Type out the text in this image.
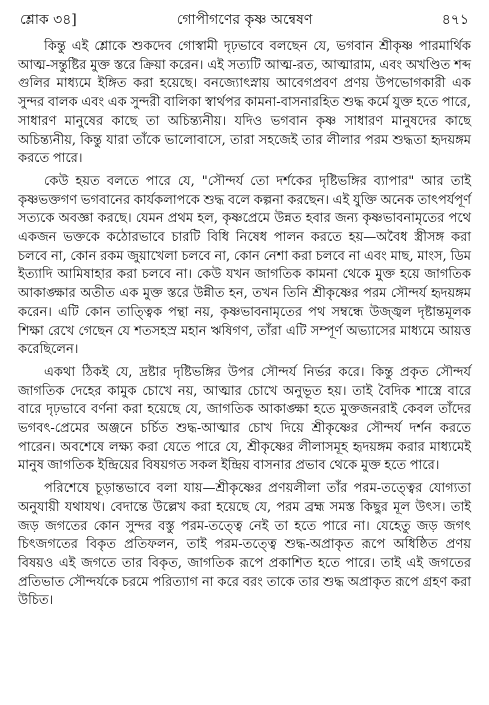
শ্লোক ৩৪]	গোপীগণের কৃষ্ণ অন্বেষণ	৪৭১

কিন্তু এই শ্লোকে শুকদেব গোস্বামী দৃঢ়ভাবে বলছেন যে, ভগবান শ্রীকৃষ্ণ পারমার্থিক আত্ম-সন্তুষ্টির মুক্ত স্তরে ক্রিয়া করেন। এই সত্যটি আত্ম-রত, আত্মারাম, এবং অখণ্ডিত শব্দ গুলির মাধ্যমে ইঙ্গিত করা হয়েছে। বনজ্যোৎস্নায় আবেগপ্রবণ প্রণয় উপভোগকারী এক সুন্দর বালক এবং এক সুন্দরী বালিকা স্বার্থপর কামনা-বাসনারহিত শুদ্ধ কর্মে যুক্ত হতে পারে, সাধারণ মানুষের কাছে তা অচিন্ত্যনীয়। যদিও ভগবান কৃষ্ণ সাধারণ মানুষদের কাছে অচিন্ত্যনীয়, কিন্তু যারা তাঁকে ভালোবাসে, তারা সহজেই তার লীলার পরম শুদ্ধতা হৃদয়ঙ্গম করতে পারে।

কেউ হয়ত বলতে পারে যে, "সৌন্দর্য তো দর্শকের দৃষ্টিভঙ্গির ব্যাপার" আর তাই কৃষ্ণভক্তগণ ভগবানের কার্যকলাপকে শুদ্ধ বলে কল্পনা করছেন। এই যুক্তি অনেক তাৎপর্যপূর্ণ সত্যকে অবজ্ঞা করছে। যেমন প্রথম হল, কৃষ্ণপ্রেমে উন্নত হবার জন্য কৃষ্ণভাবনামৃতের পথে একজন ভক্তকে কঠোরভাবে চারটি বিধি নিষেধ পালন করতে হয়—অবৈধ স্ত্রীসঙ্গ করা চলবে না, কোন রকম জুয়াখেলা চলবে না, কোন নেশা করা চলবে না এবং মাছ, মাংস, ডিম ইত্যাদি আমিষাহার করা চলবে না। কেউ যখন জাগতিক কামনা থেকে মুক্ত হয়ে জাগতিক আকাঙ্ক্ষার অতীত এক মুক্ত স্তরে উন্নীত হন, তখন তিনি শ্রীকৃষ্ণের পরম সৌন্দর্য হৃদয়ঙ্গম করেন। এটি কোন তাত্ত্বিক পন্থা নয়, কৃষ্ণভাবনামৃতের পথ সম্বন্ধে উজ্জ্বল দৃষ্টান্তমূলক শিক্ষা রেখে গেছেন যে শতসহস্র মহান ঋষিগণ, তাঁরা এটি সম্পূর্ণ অভ্যাসের মাধ্যমে আয়ত্ত করেছিলেন।

একথা ঠিকই যে, দ্রষ্টার দৃষ্টিভঙ্গির উপর সৌন্দর্য নির্ভর করে। কিন্তু প্রকৃত সৌন্দর্য জাগতিক দেহের কামুক চোখে নয়, আত্মার চোখে অনুভূত হয়। তাই বৈদিক শাস্ত্রে বারে বারে দৃঢ়ভাবে বর্ণনা করা হয়েছে যে, জাগতিক আকাঙ্ক্ষা হতে মুক্তজনরাই কেবল তাঁদের ভগবৎ-প্রেমের অঞ্জনে চর্চিত শুদ্ধ-আত্মার চোখ দিয়ে শ্রীকৃষ্ণের সৌন্দর্য দর্শন করতে পারেন। অবশেষে লক্ষ্য করা যেতে পারে যে, শ্রীকৃষ্ণের লীলাসমূহ হৃদয়ঙ্গম করার মাধ্যমেই মানুষ জাগতিক ইন্দ্রিয়ের বিষয়গত সকল ইন্দ্রিয় বাসনার প্রভাব থেকে মুক্ত হতে পারে।

পরিশেষে চূড়ান্তভাবে বলা যায়—শ্রীকৃষ্ণের প্রণয়লীলা তাঁর পরম-তত্ত্বের যোগ্যতা অনুযায়ী যথাযথ। বেদান্তে উল্লেখ করা হয়েছে যে, পরম ব্রহ্ম সমস্ত কিছুর মূল উৎস। তাই জড় জগতের কোন সুন্দর বস্তু পরম-তত্ত্বে নেই তা হতে পারে না। যেহেতু জড় জগৎ চিৎজগতের বিকৃত প্রতিফলন, তাই পরম-তত্ত্বে শুদ্ধ-অপ্রাকৃত রূপে অধিষ্ঠিত প্রণয় বিষয়ও এই জগতে তার বিকৃত, জাগতিক রূপে প্রকাশিত হতে পারে। তাই এই জগতের প্রতিভাত সৌন্দর্যকে চরমে পরিত্যাগ না করে বরং তাকে তার শুদ্ধ অপ্রাকৃত রূপে গ্রহণ করা উচিত।
